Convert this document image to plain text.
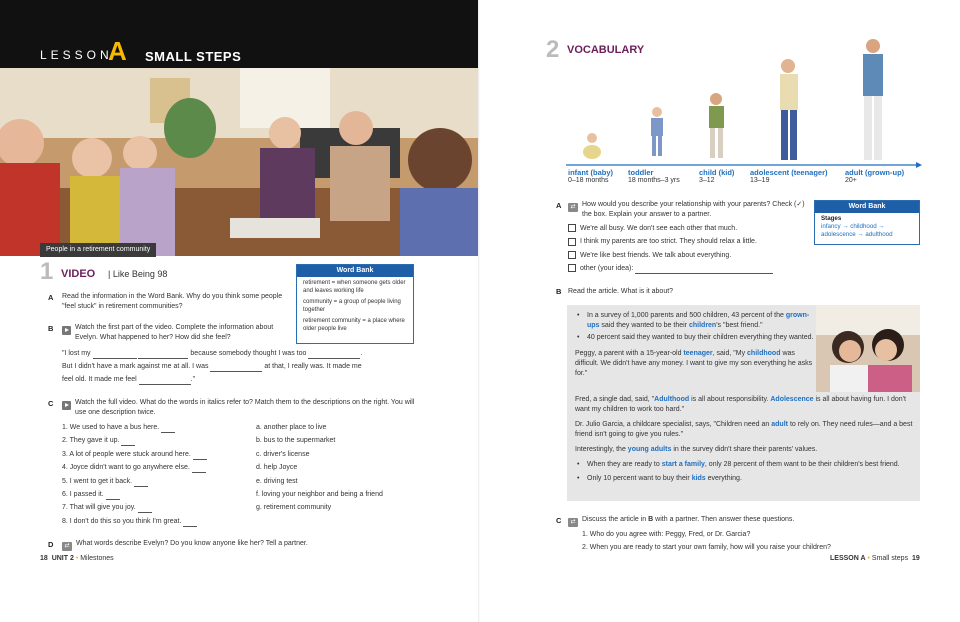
LESSON
A SMALL STEPS
People in a retirement community
1 VIDEO | Like Being 98	Word Bank
retirement = when someone gets older and leaves working life
community = a group of people living together
retirement community = a place where older people live
A Read the information in the Word Bank. Why do you think some people "feel stuck" in retirement communities?
B	Watch the first part of the video. Complete the information about Evelyn. What happened to her? How did she feel?
"I lost my	because somebody thought I was too	.
But I didn't have a mark against me at all. I was	at that, I really was. It made me
feel old. It made me feel	."
C	Watch the full video. What do the words in italics refer to? Match them to the descriptions on the right. You will use one description twice.
1. We used to have a bus here.
2. They gave it up.
3. A lot of people were stuck around here.
4. Joyce didn't want to go anywhere else.
5. I went to get it back.
6. I passed it.
7. That will give you joy.
8. I don't do this so you think I'm great.
a. another place to live
b. bus to the supermarket
c. driver's license
d. help Joyce
e. driving test
f. loving your neighbor and being a friend
g. retirement community
D	⇄ What words describe Evelyn? Do you know anyone like her? Tell a partner.
18 UNIT 2 • Milestones
2 VOCABULARY
infant (baby)
0–18 months
toddler
18 months–3 yrs
child (kid)
3–12
adolescent (teenager)
13–19
adult (grown-up)
20+
A	⇄ How would you describe your relationship with your parents? Check (✓) the box. Explain your answer to a partner.
We're all busy. We don't see each other that much.
I think my parents are too strict. They should relax a little.
We're like best friends. We talk about everything.
other (your idea):
Word Bank
Stages
infancy → childhood →
adolescence → adulthood
B Read the article. What is it about?
• In a survey of 1,000 parents and 500 children, 43 percent of the grown-ups said they wanted to be their children's "best friend."
• 40 percent said they wanted to buy their children everything they wanted.
Peggy, a parent with a 15-year-old teenager, said, "My childhood was difficult. We didn't have any money. I want to give my son everything he asks for."
Fred, a single dad, said, "Adulthood is all about responsibility. Adolescence is all about having fun. I don't want my children to work too hard."
Dr. Julio Garcia, a childcare specialist, says, "Children need an adult to rely on. They need rules—and a best friend isn't going to give you rules."
Interestingly, the young adults in the survey didn't share their parents' values.
• When they are ready to start a family, only 28 percent of them want to be their children's best friend.
• Only 10 percent want to buy their kids everything.
C	⇄ Discuss the article in B with a partner. Then answer these questions.
1. Who do you agree with: Peggy, Fred, or Dr. Garcia?
2. When you are ready to start your own family, how will you raise your children?
LESSON A • Small steps 19
